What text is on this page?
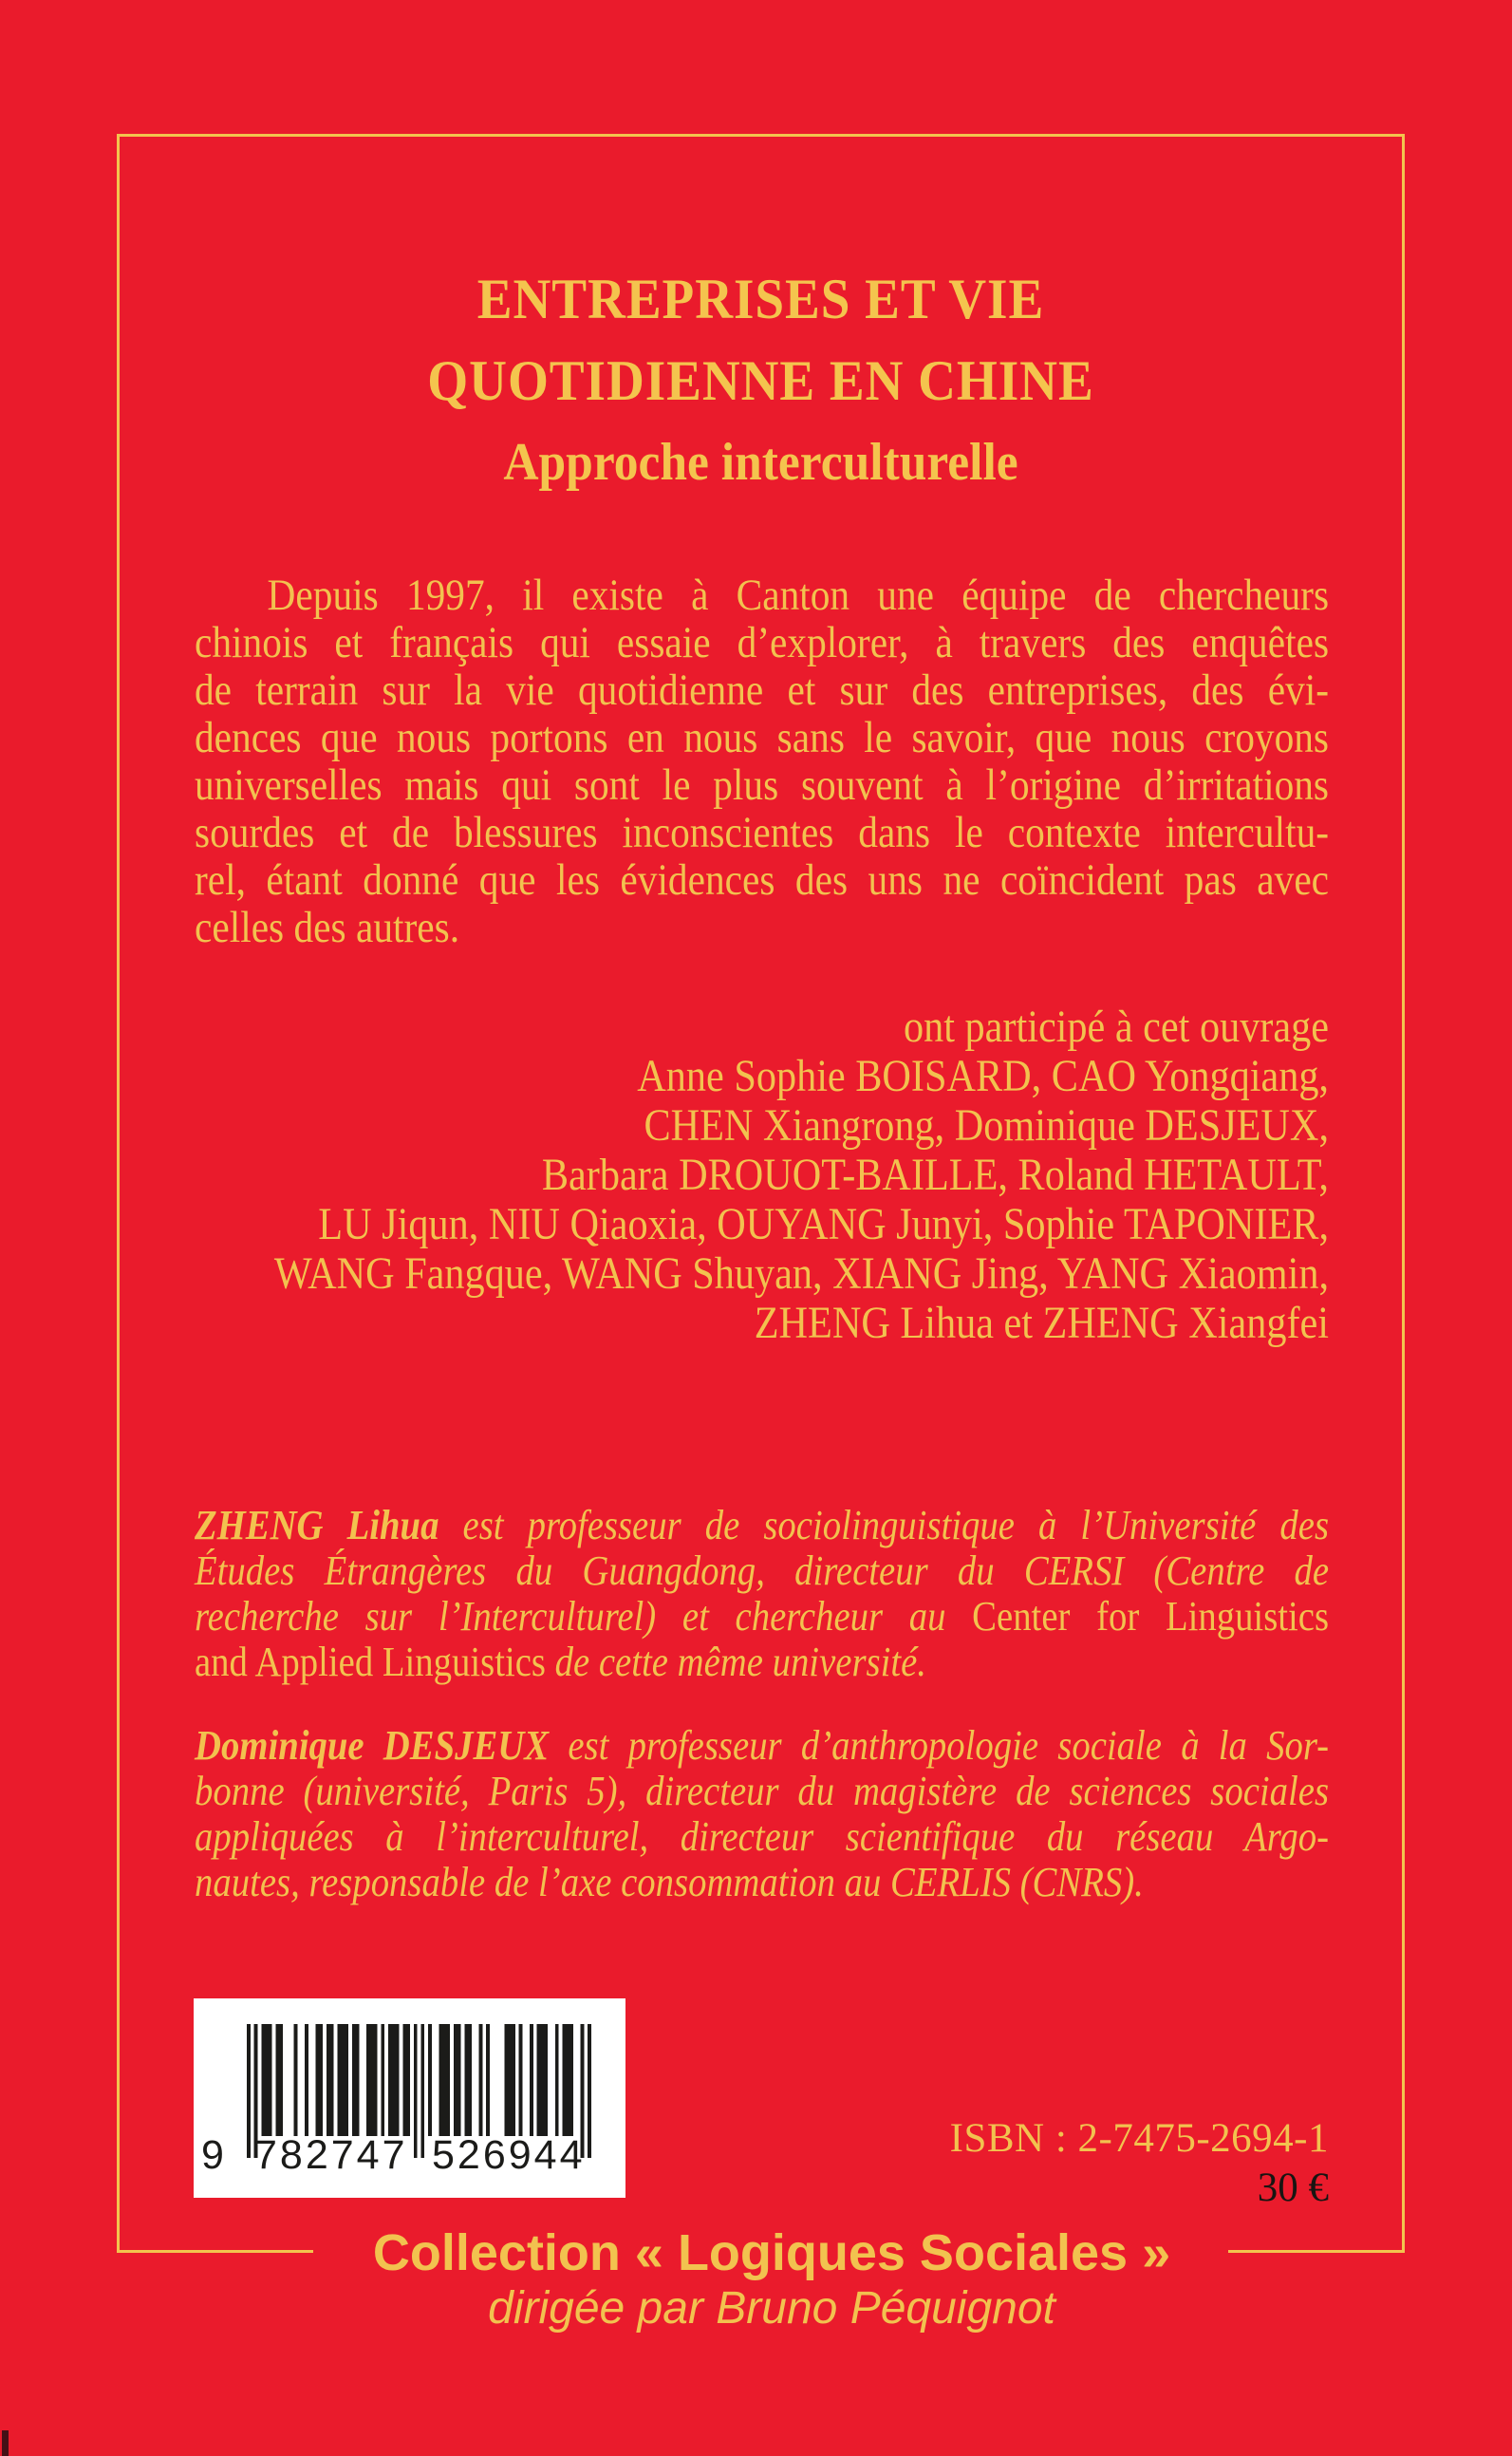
ENTREPRISES ET VIE
QUOTIDIENNE EN CHINE
Approche interculturelle
Depuis 1997, il existe à Canton une équipe de chercheurs
chinois et français qui essaie d’explorer, à travers des enquêtes
de terrain sur la vie quotidienne et sur des entreprises, des évi-
dences que nous portons en nous sans le savoir, que nous croyons
universelles mais qui sont le plus souvent à l’origine d’irritations
sourdes et de blessures inconscientes dans le contexte intercultu-
rel, étant donné que les évidences des uns ne coïncident pas avec
celles des autres.
ont participé à cet ouvrage
Anne Sophie BOISARD, CAO Yongqiang,
CHEN Xiangrong, Dominique DESJEUX,
Barbara DROUOT-BAILLE, Roland HETAULT,
LU Jiqun, NIU Qiaoxia, OUYANG Junyi, Sophie TAPONIER,
WANG Fangque, WANG Shuyan, XIANG Jing, YANG Xiaomin,
ZHENG Lihua et ZHENG Xiangfei
ZHENG Lihua est professeur de sociolinguistique à l’Université des
Études Étrangères du Guangdong, directeur du CERSI (Centre de
recherche sur l’Interculturel) et chercheur au Center for Linguistics
and Applied Linguistics de cette même université.
Dominique DESJEUX est professeur d’anthropologie sociale à la Sor-
bonne (université, Paris 5), directeur du magistère de sciences sociales
appliquées à l’interculturel, directeur scientifique du réseau Argo-
nautes, responsable de l’axe consommation au CERLIS (CNRS).
9 782747 526944	ISBN : 2-7475-2694-1
30 €
Collection « Logiques Sociales »
dirigée par Bruno Péquignot
